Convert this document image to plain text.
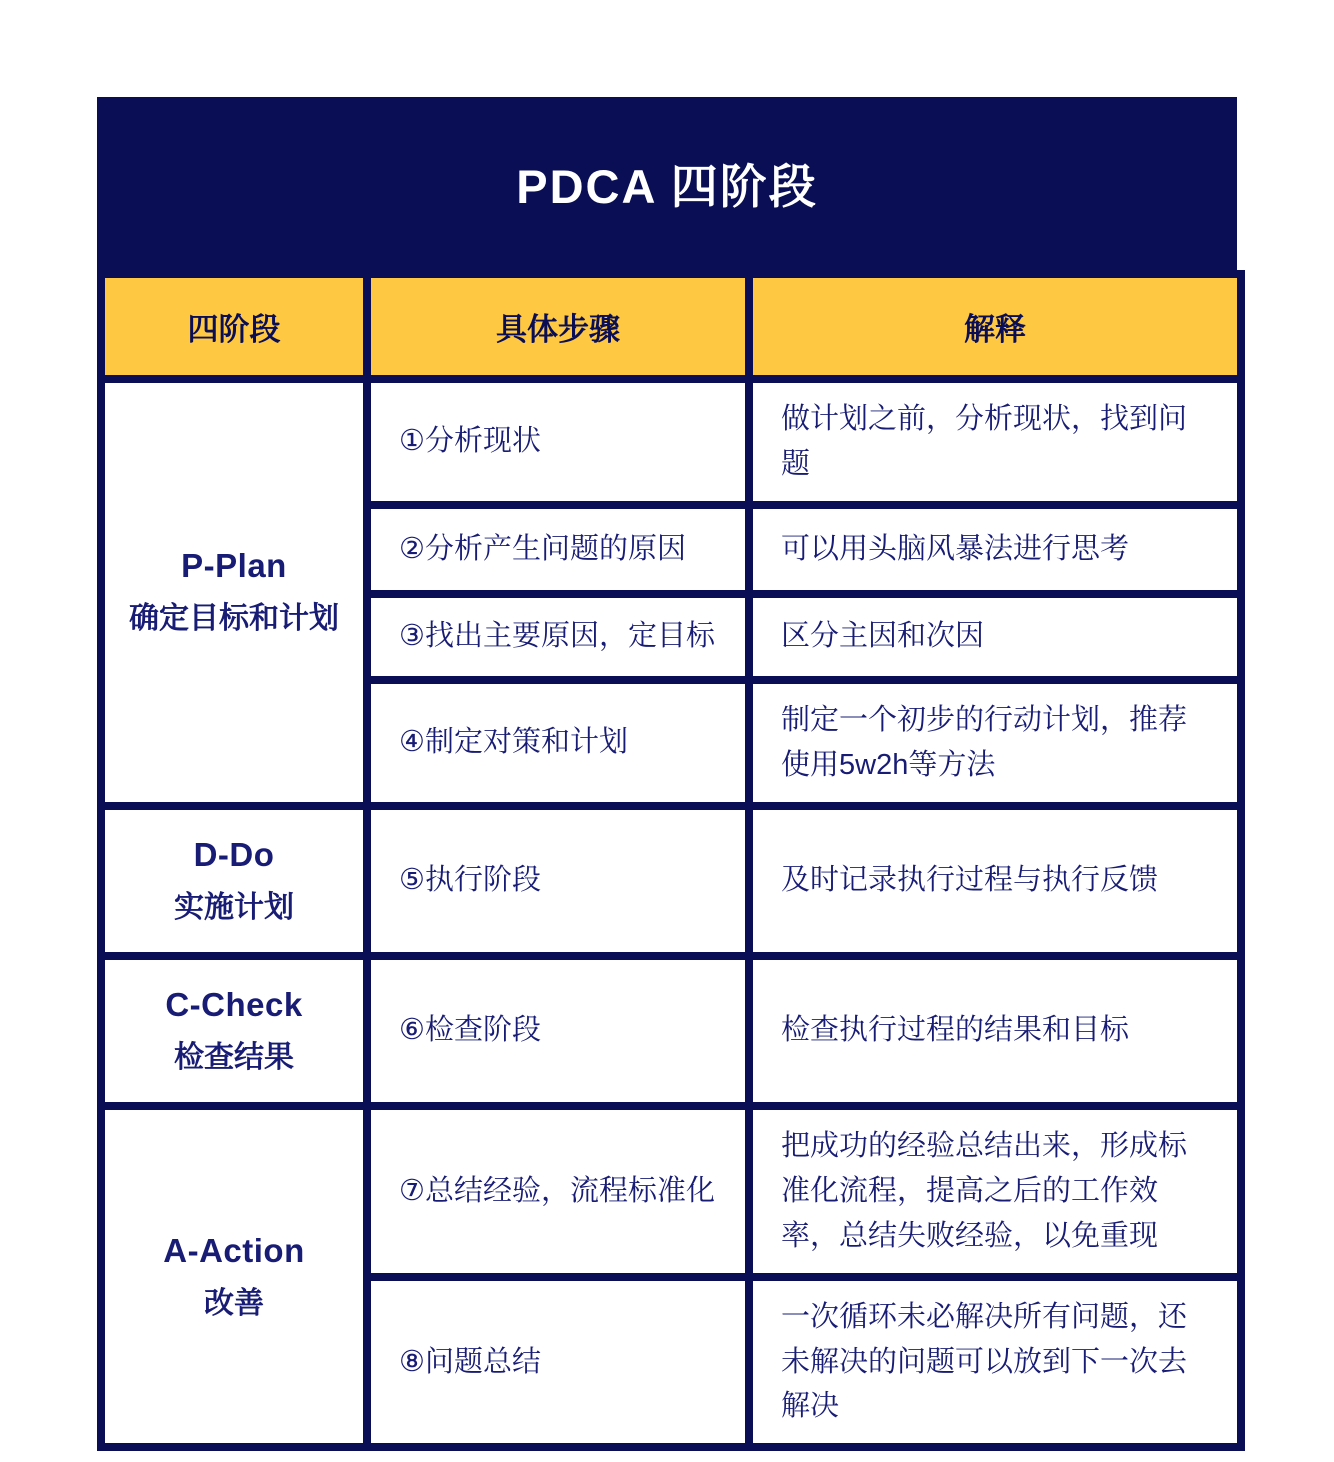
PDCA 四阶段
四阶段	具体步骤	解释

P-Plan
确定目标和计划	①分析现状	做计划之前，分析现状，找到问题
	②分析产生问题的原因	可以用头脑风暴法进行思考
	③找出主要原因，定目标	区分主因和次因
	④制定对策和计划	制定一个初步的行动计划，推荐使用5w2h等方法

D-Do
实施计划	⑤执行阶段	及时记录执行过程与执行反馈

C-Check
检查结果	⑥检查阶段	检查执行过程的结果和目标

A-Action
改善	⑦总结经验，流程标准化	把成功的经验总结出来，形成标准化流程，提高之后的工作效率，总结失败经验，以免重现
	⑧问题总结	一次循环未必解决所有问题，还未解决的问题可以放到下一次去解决
